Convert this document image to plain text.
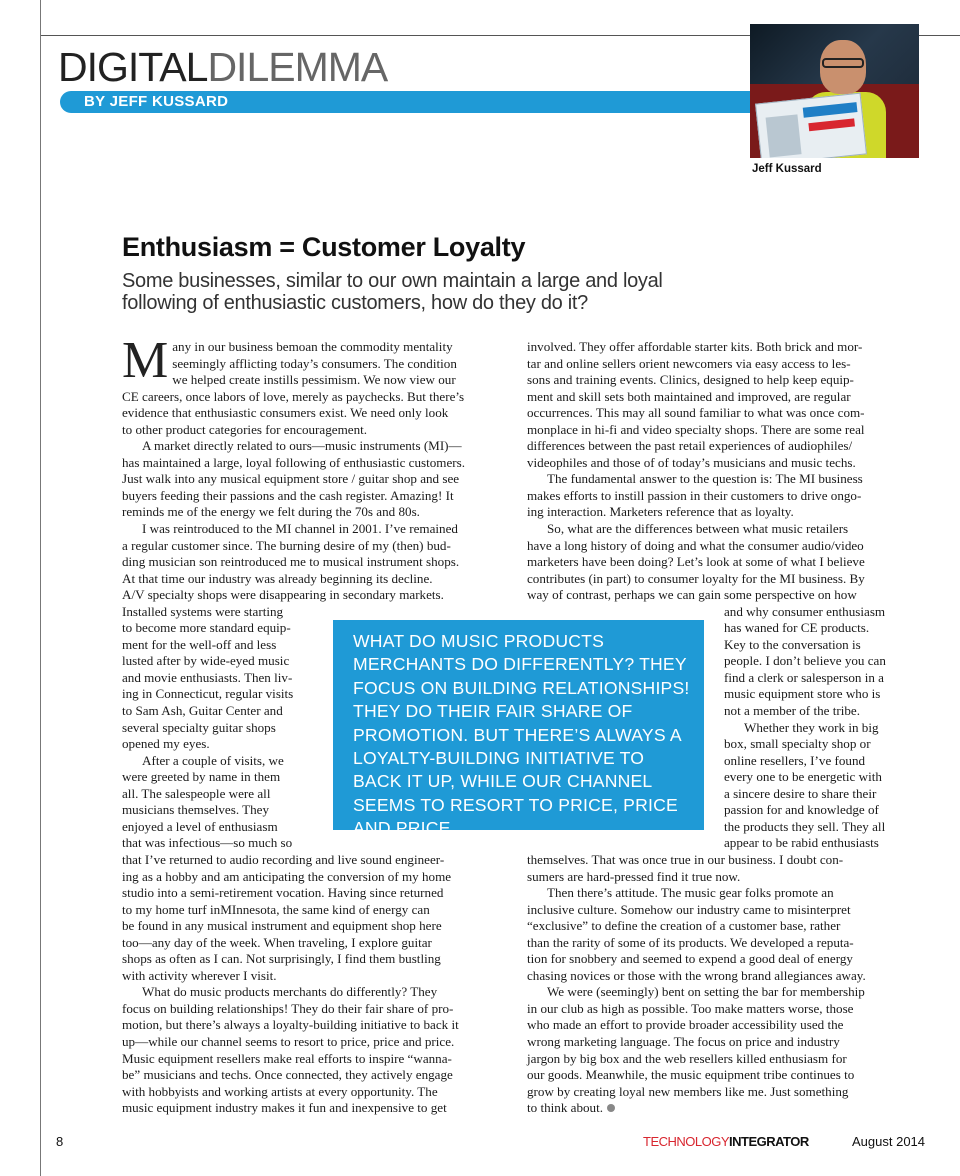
DIGITALDILEMMA
BY JEFF KUSSARD
Jeff Kussard
Enthusiasm = Customer Loyalty
Some businesses, similar to our own maintain a large and loyal following of enthusiastic customers, how do they do it?

M any in our business bemoan the commodity mentality
seemingly afflicting today’s consumers. The condition
we helped create instills pessimism. We now view our
CE careers, once labors of love, merely as paychecks. But there’s
evidence that enthusiastic consumers exist. We need only look
to other product categories for encouragement.

A market directly related to ours—music instruments (MI)—
has maintained a large, loyal following of enthusiastic customers.
Just walk into any musical equipment store / guitar shop and see
buyers feeding their passions and the cash register. Amazing! It
reminds me of the energy we felt during the 70s and 80s.

I was reintroduced to the MI channel in 2001. I’ve remained
a regular customer since. The burning desire of my (then) bud-
ding musician son reintroduced me to musical instrument shops.
At that time our industry was already beginning its decline.
A/V specialty shops were disappearing in secondary markets.
Installed systems were starting
to become more standard equip-
ment for the well-off and less
lusted after by wide-eyed music
and movie enthusiasts. Then liv-
ing in Connecticut, regular visits
to Sam Ash, Guitar Center and
several specialty guitar shops
opened my eyes.

After a couple of visits, we
were greeted by name in them
all. The salespeople were all
musicians themselves. They
enjoyed a level of enthusiasm
that was infectious—so much so
that I’ve returned to audio recording and live sound engineer-
ing as a hobby and am anticipating the conversion of my home
studio into a semi-retirement vocation. Having since returned
to my home turf inMInnesota, the same kind of energy can
be found in any musical instrument and equipment shop here
too—any day of the week. When traveling, I explore guitar
shops as often as I can. Not surprisingly, I find them bustling
with activity wherever I visit.

What do music products merchants do differently? They
focus on building relationships! They do their fair share of pro-
motion, but there’s always a loyalty-building initiative to back it
up—while our channel seems to resort to price, price and price.
Music equipment resellers make real efforts to inspire “wanna-
be” musicians and techs. Once connected, they actively engage
with hobbyists and working artists at every opportunity. The
music equipment industry makes it fun and inexpensive to get

involved. They offer affordable starter kits. Both brick and mor-
tar and online sellers orient newcomers via easy access to les-
sons and training events. Clinics, designed to help keep equip-
ment and skill sets both maintained and improved, are regular
occurrences. This may all sound familiar to what was once com-
monplace in hi-fi and video specialty shops. There are some real
differences between the past retail experiences of audiophiles/
videophiles and those of of today’s musicians and music techs.

The fundamental answer to the question is: The MI business
makes efforts to instill passion in their customers to drive ongo-
ing interaction. Marketers reference that as loyalty.

So, what are the differences between what music retailers
have a long history of doing and what the consumer audio/video
marketers have been doing? Let’s look at some of what I believe
contributes (in part) to consumer loyalty for the MI business. By
way of contrast, perhaps we can gain some perspective on how
and why consumer enthusiasm
has waned for CE products.
Key to the conversation is
people. I don’t believe you can
find a clerk or salesperson in a
music equipment store who is
not a member of the tribe.

Whether they work in big
box, small specialty shop or
online resellers, I’ve found
every one to be energetic with
a sincere desire to share their
passion for and knowledge of
the products they sell. They all
appear to be rabid enthusiasts
themselves. That was once true in our business. I doubt con-
sumers are hard-pressed find it true now.

Then there’s attitude. The music gear folks promote an
inclusive culture. Somehow our industry came to misinterpret
“exclusive” to define the creation of a customer base, rather
than the rarity of some of its products. We developed a reputa-
tion for snobbery and seemed to expend a good deal of energy
chasing novices or those with the wrong brand allegiances away.

We were (seemingly) bent on setting the bar for membership
in our club as high as possible. Too make matters worse, those
who made an effort to provide broader accessibility used the
wrong marketing language. The focus on price and industry
jargon by big box and the web resellers killed enthusiasm for
our goods. Meanwhile, the music equipment tribe continues to
grow by creating loyal new members like me. Just something
to think about.

WHAT DO MUSIC PRODUCTS MERCHANTS DO DIFFERENTLY? THEY FOCUS ON BUILDING RELATIONSHIPS! THEY DO THEIR FAIR SHARE OF PROMOTION. BUT THERE’S ALWAYS A LOYALTY-BUILDING INITIATIVE TO BACK IT UP, WHILE OUR CHANNEL SEEMS TO RESORT TO PRICE, PRICE AND PRICE.
8	TECHNOLOGYINTEGRATOR	August 2014
